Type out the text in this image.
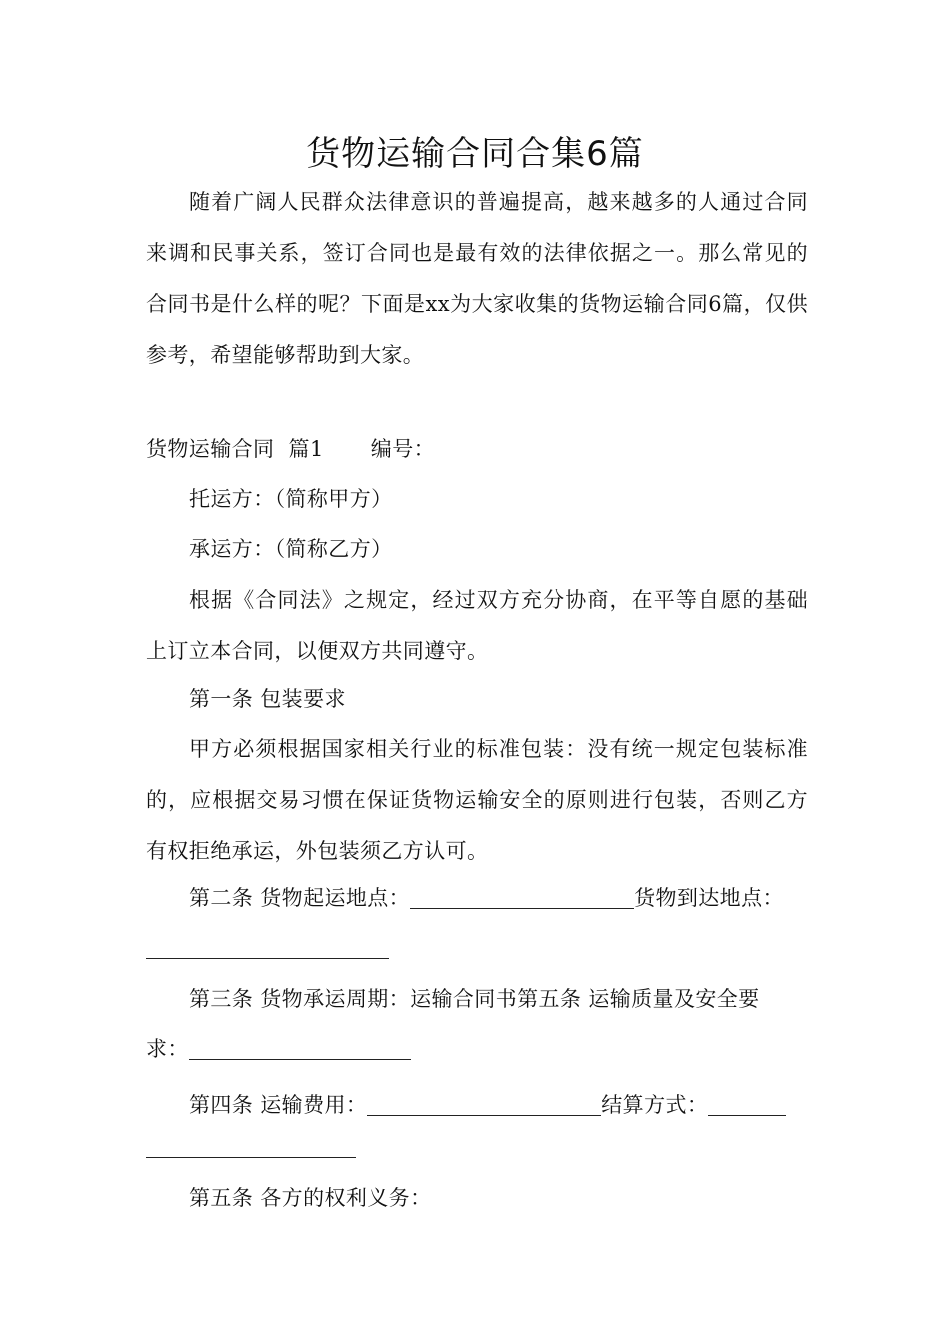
货物运输合同合集6篇
随着广阔人民群众法律意识的普遍提高，越来越多的人通过合同来调和民事关系，签订合同也是最有效的法律依据之一。那么常见的合同书是什么样的呢？下面是xx为大家收集的货物运输合同6篇，仅供参考，希望能够帮助到大家。
货物运输合同  篇1 编号：
托运方：（简称甲方）
承运方：（简称乙方）
根据《合同法》之规定，经过双方充分协商，在平等自愿的基础上订立本合同，以便双方共同遵守。
第一条 包装要求
甲方必须根据国家相关行业的标准包装：没有统一规定包装标准的，应根据交易习惯在保证货物运输安全的原则进行包装，否则乙方有权拒绝承运，外包装须乙方认可。
第二条 货物起运地点：	货物到达地点：
第三条 货物承运周期：运输合同书第五条 运输质量及安全要
求：
第四条 运输费用：	结算方式：
第五条 各方的权利义务：
